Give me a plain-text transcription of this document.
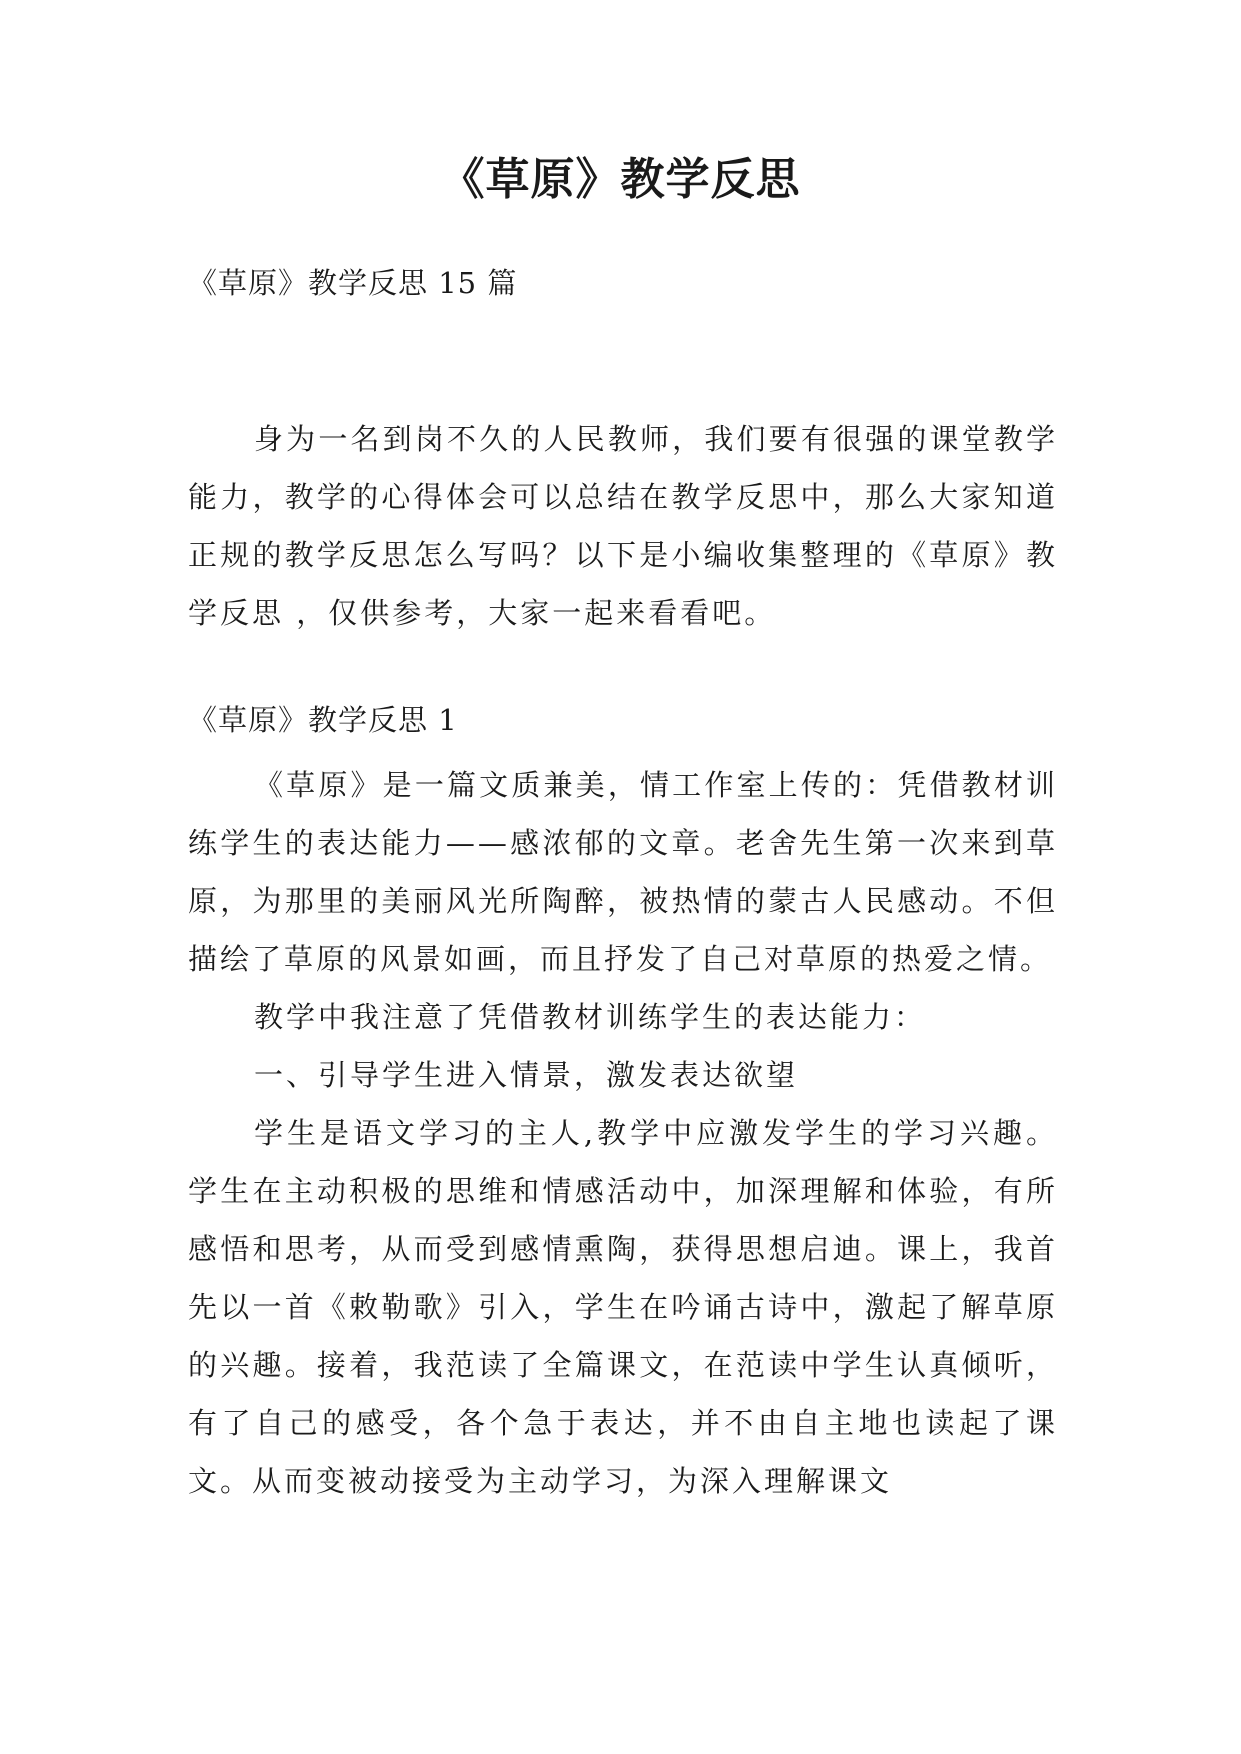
《草原》教学反思
《草原》教学反思 15 篇

身为一名到岗不久的人民教师，我们要有很强的课堂教学能力，教学的心得体会可以总结在教学反思中，那么大家知道正规的教学反思怎么写吗？以下是小编收集整理的《草原》教学反思 ，仅供参考，大家一起来看看吧。

《草原》教学反思 1

《草原》是一篇文质兼美，情工作室上传的：凭借教材训练学生的表达能力——感浓郁的文章。老舍先生第一次来到草原，为那里的美丽风光所陶醉，被热情的蒙古人民感动。不但描绘了草原的风景如画，而且抒发了自己对草原的热爱之情。

教学中我注意了凭借教材训练学生的表达能力：

一、引导学生进入情景，激发表达欲望

学生是语文学习的主人,教学中应激发学生的学习兴趣。学生在主动积极的思维和情感活动中，加深理解和体验，有所感悟和思考，从而受到感情熏陶，获得思想启迪。课上，我首先以一首《敕勒歌》引入，学生在吟诵古诗中，激起了解草原的兴趣。接着，我范读了全篇课文，在范读中学生认真倾听，有了自己的感受，各个急于表达，并不由自主地也读起了课文。从而变被动接受为主动学习，为深入理解课文
